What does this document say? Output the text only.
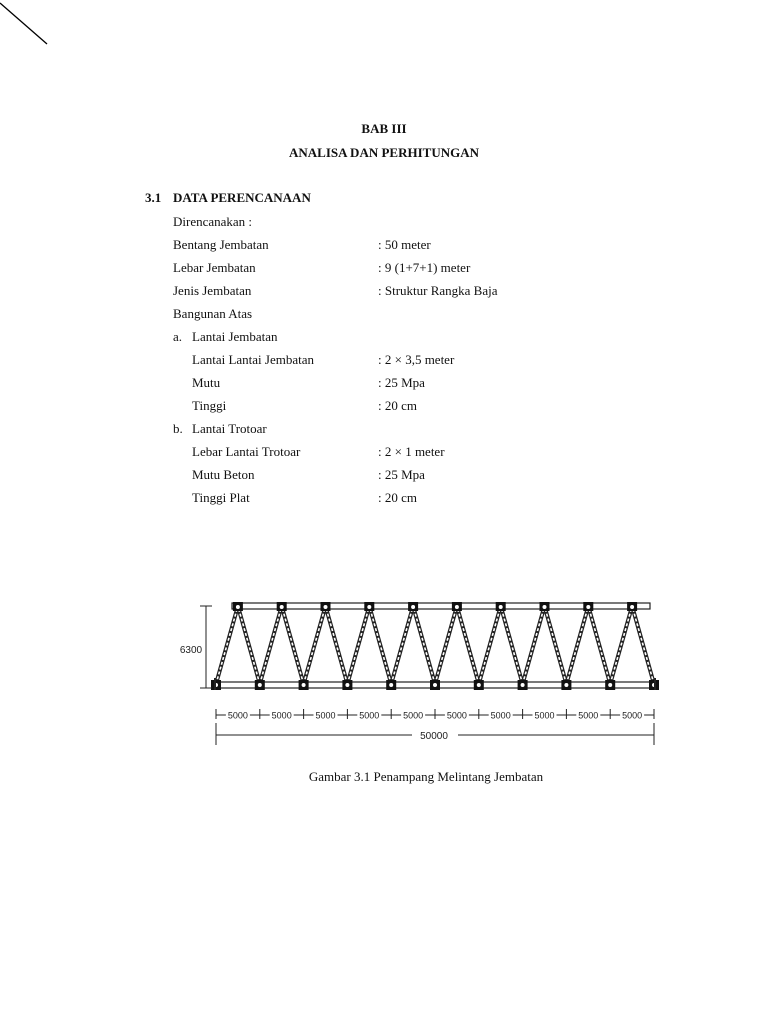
BAB III
ANALISA DAN PERHITUNGAN
3.1 DATA PERENCANAAN
Direncanakan :
Bentang Jembatan	: 50 meter
Lebar Jembatan	: 9 (1+7+1) meter
Jenis Jembatan	: Struktur Rangka Baja
Bangunan Atas
a. Lantai Jembatan
Lantai Lantai Jembatan	: 2 × 3,5 meter
Mutu	: 25 Mpa
Tinggi	: 20 cm
b. Lantai Trotoar
Lebar Lantai Trotoar	: 2 × 1 meter
Mutu Beton	: 25 Mpa
Tinggi Plat	: 20 cm
5000	5000	5000	5000	5000	5000	5000	5000	5000	5000
6300
50000
Gambar 3.1 Penampang Melintang Jembatan
